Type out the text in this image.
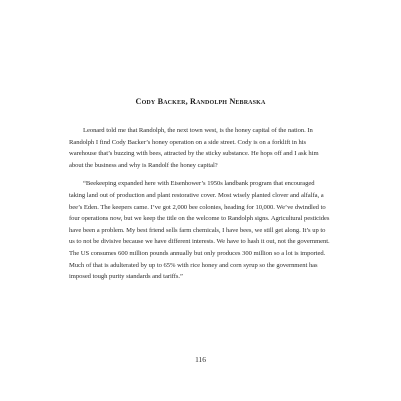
Cody Backer, Randolph Nebraska

Leonard told me that Randolph, the next town west, is the honey capital of the nation. In Randolph I find Cody Backer’s honey operation on a side street. Cody is on a forklift in his warehouse that’s buzzing with bees, attracted by the sticky substance. He hops off and I ask him about the business and why is Randolf the honey capital?

“Beekeeping expanded here with Eisenhower’s 1950s landbank program that encouraged taking land out of production and plant restorative cover. Most wisely planted clover and alfalfa, a bee’s Eden. The keepers came. I’ve got 2,000 bee colonies, heading for 10,000. We’ve dwindled to four operations now, but we keep the title on the welcome to Randolph signs. Agricultural pesticides have been a problem. My best friend sells farm chemicals, I have bees, we still get along. It’s up to us to not be divisive because we have different interests. We have to hash it out, not the government. The US consumes 600 million pounds annually but only produces 300 million so a lot is imported. Much of that is adulterated by up to 65% with rice honey and corn syrup so the government has imposed tough purity standards and tariffs.”

116
